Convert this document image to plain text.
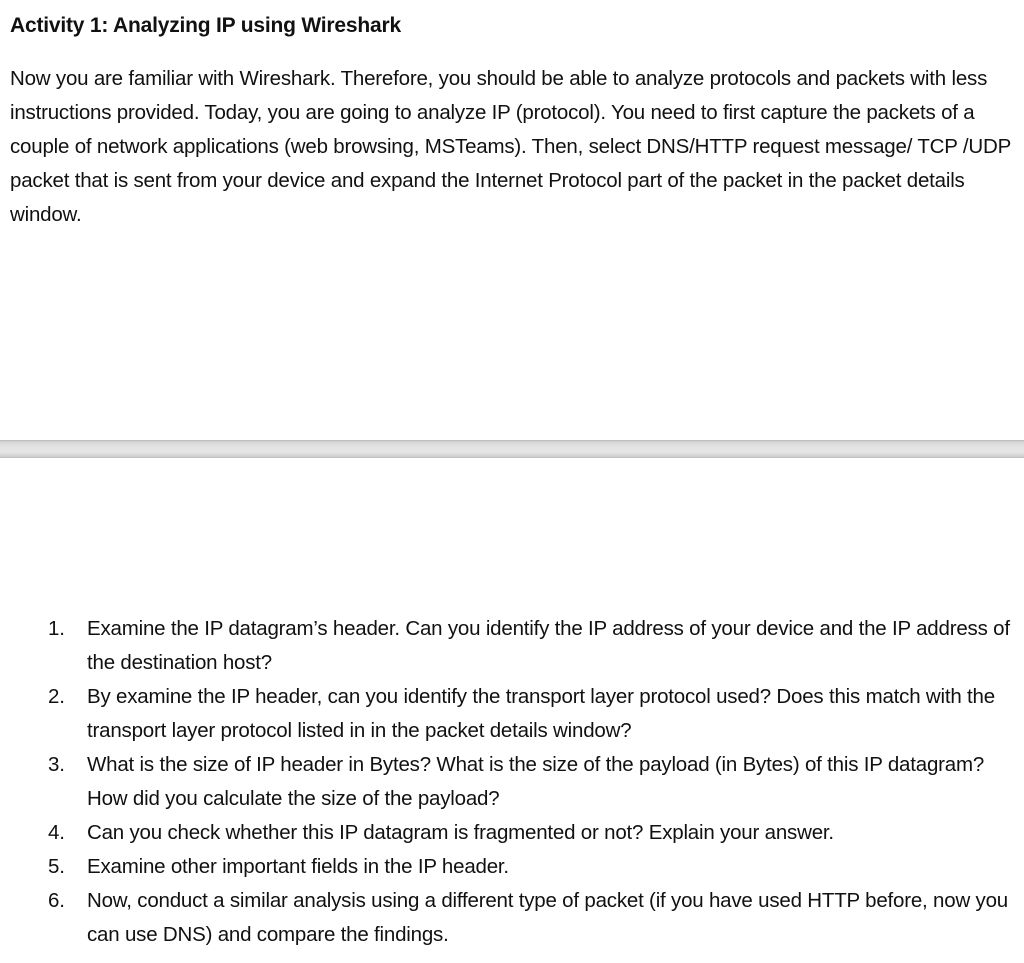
Activity 1: Analyzing IP using Wireshark

Now you are familiar with Wireshark. Therefore, you should be able to analyze protocols and packets with less instructions provided. Today, you are going to analyze IP (protocol). You need to first capture the packets of a couple of network applications (web browsing, MSTeams). Then, select DNS/HTTP request message/ TCP /UDP packet that is sent from your device and expand the Internet Protocol part of the packet in the packet details window.

1. Examine the IP datagram’s header. Can you identify the IP address of your device and the IP address of the destination host?
2. By examine the IP header, can you identify the transport layer protocol used? Does this match with the transport layer protocol listed in in the packet details window?
3. What is the size of IP header in Bytes? What is the size of the payload (in Bytes) of this IP datagram? How did you calculate the size of the payload?
4. Can you check whether this IP datagram is fragmented or not? Explain your answer.
5. Examine other important fields in the IP header.
6. Now, conduct a similar analysis using a different type of packet (if you have used HTTP before, now you can use DNS) and compare the findings.
